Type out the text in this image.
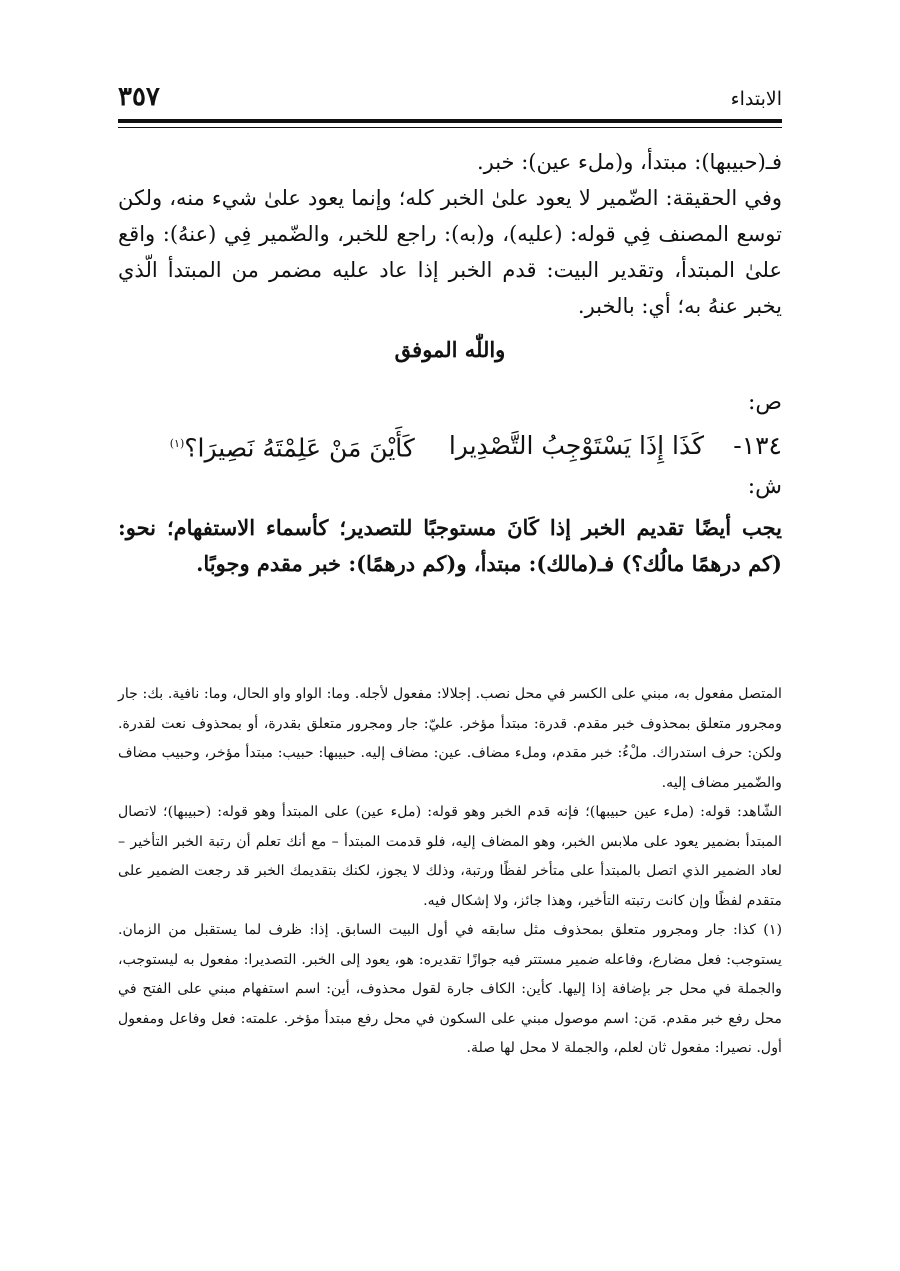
الابتداء
٣٥٧

فـ(حبيبها): مبتدأ، و(ملء عين): خبر.

وفي الحقيقة: الضّمير لا يعود علىٰ الخبر كله؛ وإنما يعود علىٰ شيء منه، ولكن توسع المصنف فِي قوله: (عليه)، و(به): راجع للخبر، والضّمير فِي (عنهُ): واقع علىٰ المبتدأ، وتقدير البيت: قدم الخبر إذا عاد عليه مضمر من المبتدأ الّذي يخبر عنهُ به؛ أي: بالخبر.

واللّٰه الموفق

ص:

١٣٤-
كَذَا إِذَا يَسْتَوْجِبُ التَّصْدِيرا
كَأَيْنَ مَنْ عَلِمْتَهُ نَصِيرَا؟$^{(١)}$

ش:

يجب أيضًا تقديم الخبر إذا كَانَ مستوجبًا للتصدير؛ كأسماء الاستفهام؛ نحو: (كم درهمًا مالُك؟) فـ(مالك): مبتدأ، و(كم درهمًا): خبر مقدم وجوبًا.

المتصل مفعول به، مبني على الكسر في محل نصب. إجلالا: مفعول لأجله. وما: الواو واو الحال، وما: نافية. بك: جار ومجرور متعلق بمحذوف خبر مقدم. قدرة: مبتدأ مؤخر. عليّ: جار ومجرور متعلق بقدرة، أو بمحذوف نعت لقدرة. ولكن: حرف استدراك. ملْءُ: خبر مقدم، وملء مضاف. عين: مضاف إليه. حبيبها: حبيب: مبتدأ مؤخر، وحبيب مضاف والضّمير مضاف إليه.

الشّاهد: قوله: (ملء عين حبيبها)؛ فإنه قدم الخبر وهو قوله: (ملء عين) على المبتدأ وهو قوله: (حبيبها)؛ لاتصال المبتدأ بضمير يعود على ملابس الخبر، وهو المضاف إليه، فلو قدمت المبتدأ – مع أنك تعلم أن رتبة الخبر التأخير – لعاد الضمير الذي اتصل بالمبتدأ على متأخر لفظًا ورتبة، وذلك لا يجوز، لكنك بتقديمك الخبر قد رجعت الضمير على متقدم لفظًا وإن كانت رتبته التأخير، وهذا جائز، ولا إشكال فيه.

(١) كذا: جار ومجرور متعلق بمحذوف مثل سابقه في أول البيت السابق. إذا: ظرف لما يستقبل من الزمان. يستوجب: فعل مضارع، وفاعله ضمير مستتر فيه جوازًا تقديره: هو، يعود إلى الخبر. التصديرا: مفعول به ليستوجب، والجملة في محل جر بإضافة إذا إليها. كأين: الكاف جارة لقول محذوف، أين: اسم استفهام مبني على الفتح في محل رفع خبر مقدم. مَن: اسم موصول مبني على السكون في محل رفع مبتدأ مؤخر. علمته: فعل وفاعل ومفعول أول. نصيرا: مفعول ثان لعلم، والجملة لا محل لها صلة.
